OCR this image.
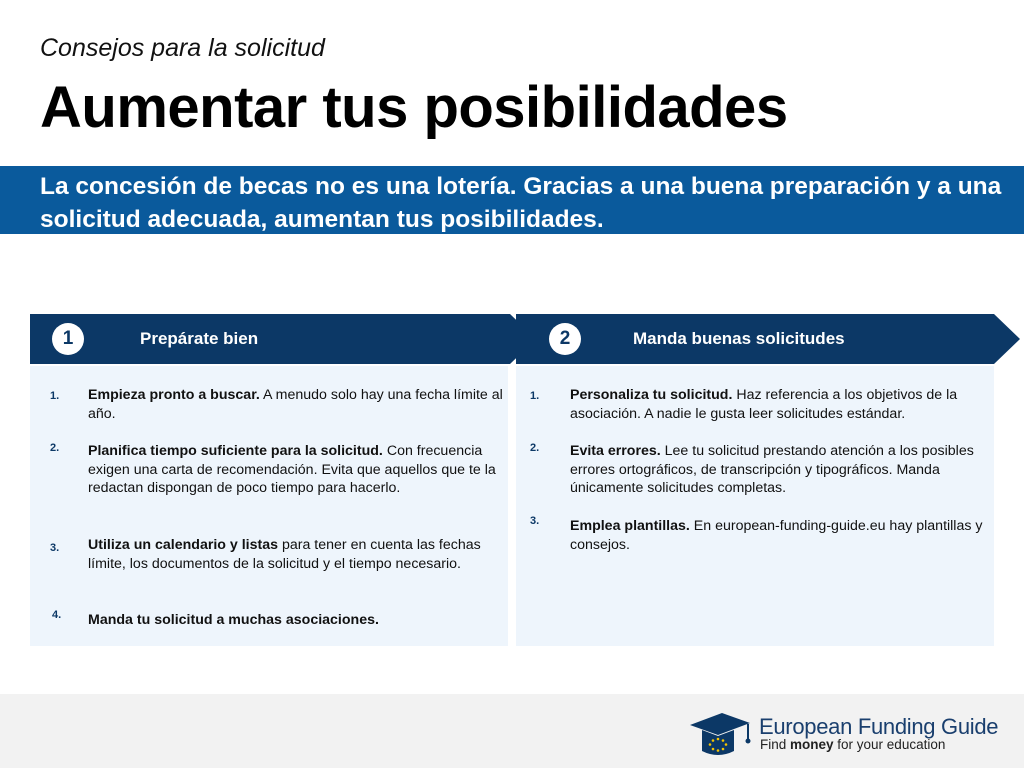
Consejos para la solicitud
Aumentar tus posibilidades
La concesión de becas no es una lotería. Gracias a una buena preparación y a una solicitud adecuada, aumentan tus posibilidades.
1	Prepárate bien	2	Manda buenas solicitudes
1. Empieza pronto a buscar. A menudo solo hay una fecha límite al año.
2. Planifica tiempo suficiente para la solicitud. Con frecuencia exigen una carta de recomendación. Evita que aquellos que te la redactan dispongan de poco tiempo para hacerlo.
3. Utiliza un calendario y listas para tener en cuenta las fechas límite, los documentos de la solicitud y el tiempo necesario.
4. Manda tu solicitud a muchas asociaciones.
1. Personaliza tu solicitud. Haz referencia a los objetivos de la asociación. A nadie le gusta leer solicitudes estándar.
2. Evita errores. Lee tu solicitud prestando atención a los posibles errores ortográficos, de transcripción y tipográficos. Manda únicamente solicitudes completas.
3. Emplea plantillas. En european-funding-guide.eu hay plantillas y consejos.
European Funding Guide
Find money for your education
